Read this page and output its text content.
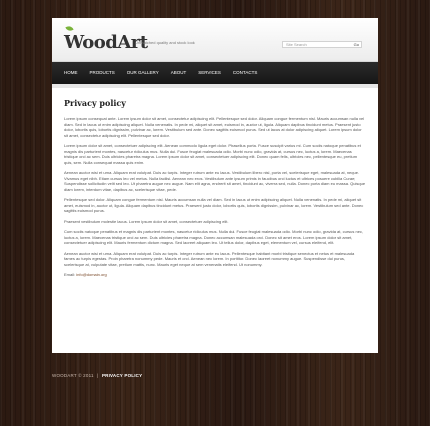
WoodArt
Unmatched quality and stock look	Site Search	Go
HOME	PRODUCTS	OUR GALLERY	ABOUT	SERVICES	CONTACTS
Privacy policy

Lorem ipsum consequat ante. Lorem ipsum dolor sit amet, consectetur adipiscing elit. Pellentesque sed dolor. Aliquam congue fermentum nisl. Mauris accumsan nulla vel diam. Sed in lacus ut enim adipiscing aliquet. Nulla venenatis. In pede mi, aliquet sit amet, euismod in, auctor ut, ligula. Aliquam dapibus tincidunt metus. Praesent justo dolor, lobortis quis, lobortis dignissim, pulvinar ac, lorem. Vestibulum sed ante. Donec sagittis euismod purus. Sed ut lacus at dolor adipiscing aliquet. Lorem ipsum dolor sit amet, consectetur adipiscing elit. Pellentesque sed dolor.

Lorem ipsum dolor sit amet, consectetuer adipiscing elit. Aenean commodo ligula eget dolor. Phasellus porta. Fusce suscipit varius mi. Cum sociis natoque penatibus et magnis dis parturient montes, nascetur ridiculus mus. Nulla dui. Fusce feugiat malesuada odio. Morbi nunc odio, gravida at, cursus nec, luctus a, lorem. Maecenas tristique orci ac sem. Duis ultricies pharetra magna. Lorem ipsum dolor sit amet, consectetuer adipiscing elit. Donec quam felis, ultricies nec, pellentesque eu, pretium quis, sem. Nulla consequat massa quis enim.

Aenean auctor wisi et urna. Aliquam erat volutpat. Duis ac turpis. Integer rutrum ante eu lacus. Vestibulum libero nisl, porta vel, scelerisque eget, malesuada at, neque. Vivamus eget nibh. Etiam cursus leo vel metus. Nulla facilisi. Aenean nec eros. Vestibulum ante ipsum primis in faucibus orci luctus et ultrices posuere cubilia Curae; Suspendisse sollicitudin velit sed leo. Ut pharetra augue nec augue. Nam elit agna, endrerit sit amet, tincidunt ac, viverra sed, nulla. Donec porta diam eu massa. Quisque diam lorem, interdum vitae, dapibus ac, scelerisque vitae, pede.

Pellentesque sed dolor. Aliquam congue fermentum nisl. Mauris accumsan nulla vel diam. Sed in lacus ut enim adipiscing aliquet. Nulla venenatis. In pede mi, aliquet sit amet, euismod in, auctor ut, ligula. Aliquam dapibus tincidunt metus. Praesent justo dolor, lobortis quis, lobortis dignissim, pulvinar ac, lorem. Vestibulum sed ante. Donec sagittis euismod purus.

Praesent vestibulum molestie lacus. Lorem ipsum dolor sit amet, consectetuer adipiscing elit.

Cum sociis natoque penatibus et magnis dis parturient montes, nascetur ridiculus mus. Nulla dui. Fusce feugiat malesuada odio. Morbi nunc odio, gravida at, cursus nec, luctus a, lorem. Maecenas tristique orci ac sem. Duis ultricies pharetra magna. Donec accumsan malesuada orci. Donec sit amet eros. Lorem ipsum dolor sit amet, consectetuer adipiscing elit. Mauris fermentum dictum magna. Sed laoreet aliquam leo. Ut tellus dolor, dapibus eget, elementum vel, cursus eleifend, elit.

Aenean auctor wisi et urna. Aliquam erat volutpat. Duis ac turpis. Integer rutrum ante eu lacus. Pellentesque habitant morbi tristique senectus et netus et malesuada fames ac turpis egestas. Proin pharetra nonummy pede. Mauris et orci. Aenean nec lorem. In porttitor. Donec laoreet nonummy augue. Suspendisse dui purus, scelerisque at, vulputate vitae, pretium mattis, nunc. Mauris eget neque at sem venenatis eleifend. Ut nonummy.

Email: info@domain.org
WOODART © 2011 | PRIVACY POLICY
